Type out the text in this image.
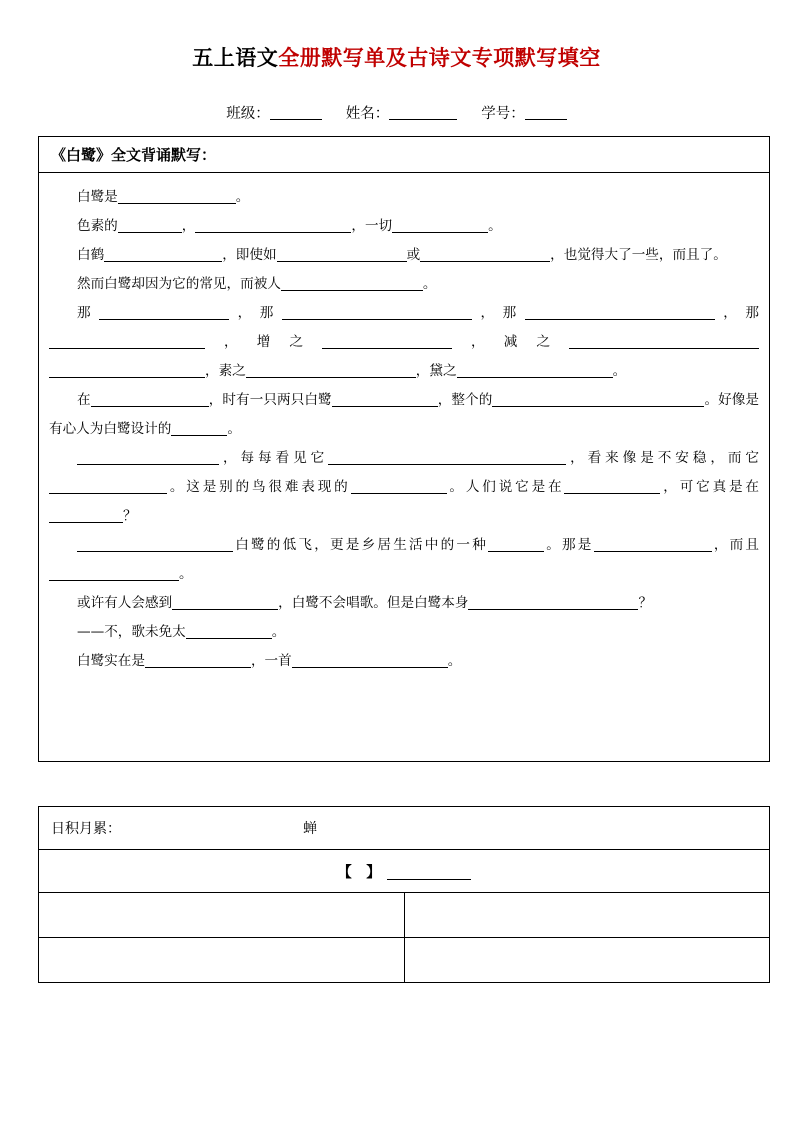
五上语文全册默写单及古诗文专项默写填空
班级：	姓名：	学号：
《白鹭》全文背诵默写：
白鹭是	。
色素的	，	，一切	。
白鹤	，即使如	或	，也觉得大了一些，而且了。
然而白鹭却因为它的常见，而被人	。
那	，那	，那	，那，增之	，减之，素之	，黛之	。
在	，时有一只两只白鹭	，整个的	。好像是有心人为白鹭设计的	。
，每每看见它	，看来像是不安稳，而它。这是别的鸟很难表现的	。人们说它是在	，可它真是在？
白鹭的低飞，更是乡居生活中的一种	。那是	，而且。
或许有人会感到	，白鹭不会唱歌。但是白鹭本身	？
——不，歌未免太	。
白鹭实在是	，一首	。
日积月累： 蝉	

【　】	
